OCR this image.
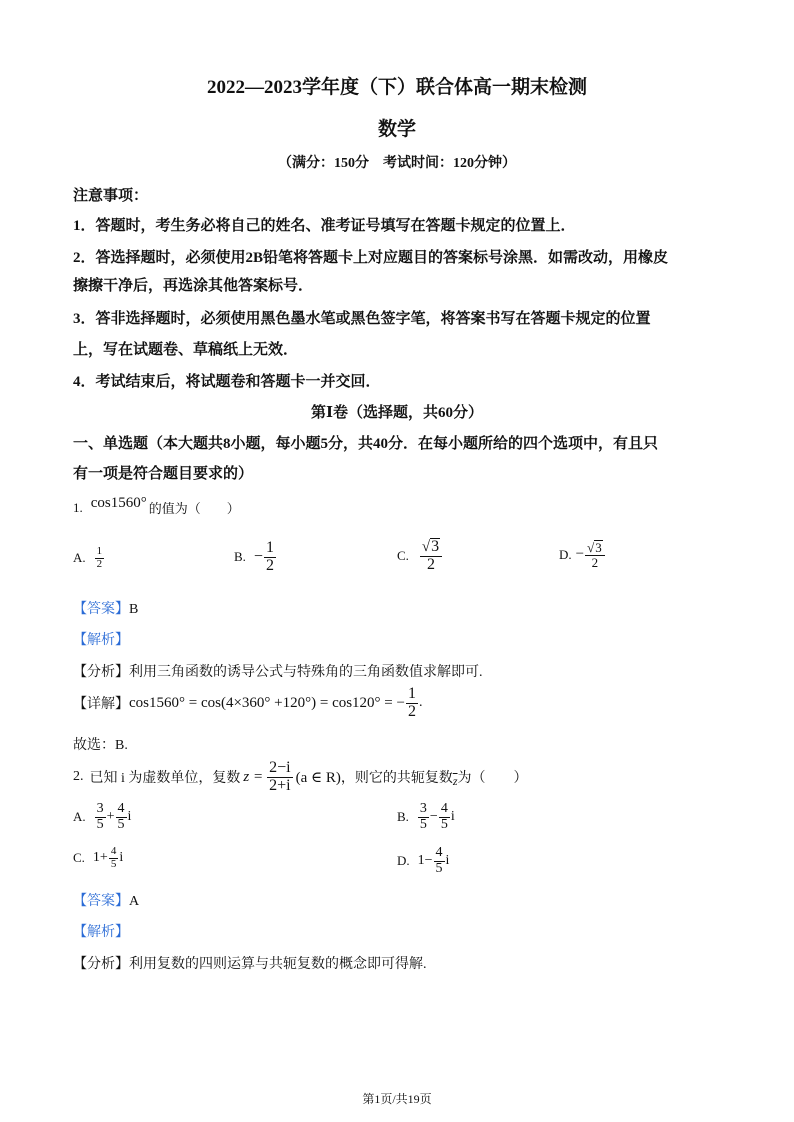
2022—2023学年度（下）联合体高一期末检测
数学
（满分：150分　考试时间：120分钟）
注意事项：
1．答题时，考生务必将自己的姓名、准考证号填写在答题卡规定的位置上．
2．答选择题时，必须使用2B铅笔将答题卡上对应题目的答案标号涂黑．如需改动，用橡皮
擦擦干净后，再选涂其他答案标号．
3．答非选择题时，必须使用黑色墨水笔或黑色签字笔，将答案书写在答题卡规定的位置
上，写在试题卷、草稿纸上无效．
4．考试结束后，将试题卷和答题卡一并交回．
第Ⅰ卷（选择题，共60分）
一、单选题（本大题共8小题，每小题5分，共40分．在每小题所给的四个选项中，有且只
有一项是符合题目要求的）
1. cos1560° 的值为（　　）
A. $\frac{1}{2}$	B. − $\frac{1}{2}$	C. $\frac{√ 3}{2}$	D. − $\frac{√ 3}{2}$
【答案】B
【解析】
【分析】利用三角函数的诱导公式与特殊角的三角函数值求解即可.
【详解】 cos1560° = cos(4×360° +120°) = cos120° = − $\frac{1}{2}$ .
故选：B.
2. 已知 i 为虚数单位，复数 $z = \frac{2-i}{2+i} (a$ ∈ R) ，则它的共轭复数 $\overline{z}$ 为（　　）
A. $\frac{3}{5} + \frac{4}{5}$ i	B. $\frac{3}{5} - \frac{4}{5}$ i
C. $1+ \frac{4}{5}$ i	D. $1- \frac{4}{5}$ i
【答案】A
【解析】
【分析】利用复数的四则运算与共轭复数的概念即可得解.
第1页/共19页
